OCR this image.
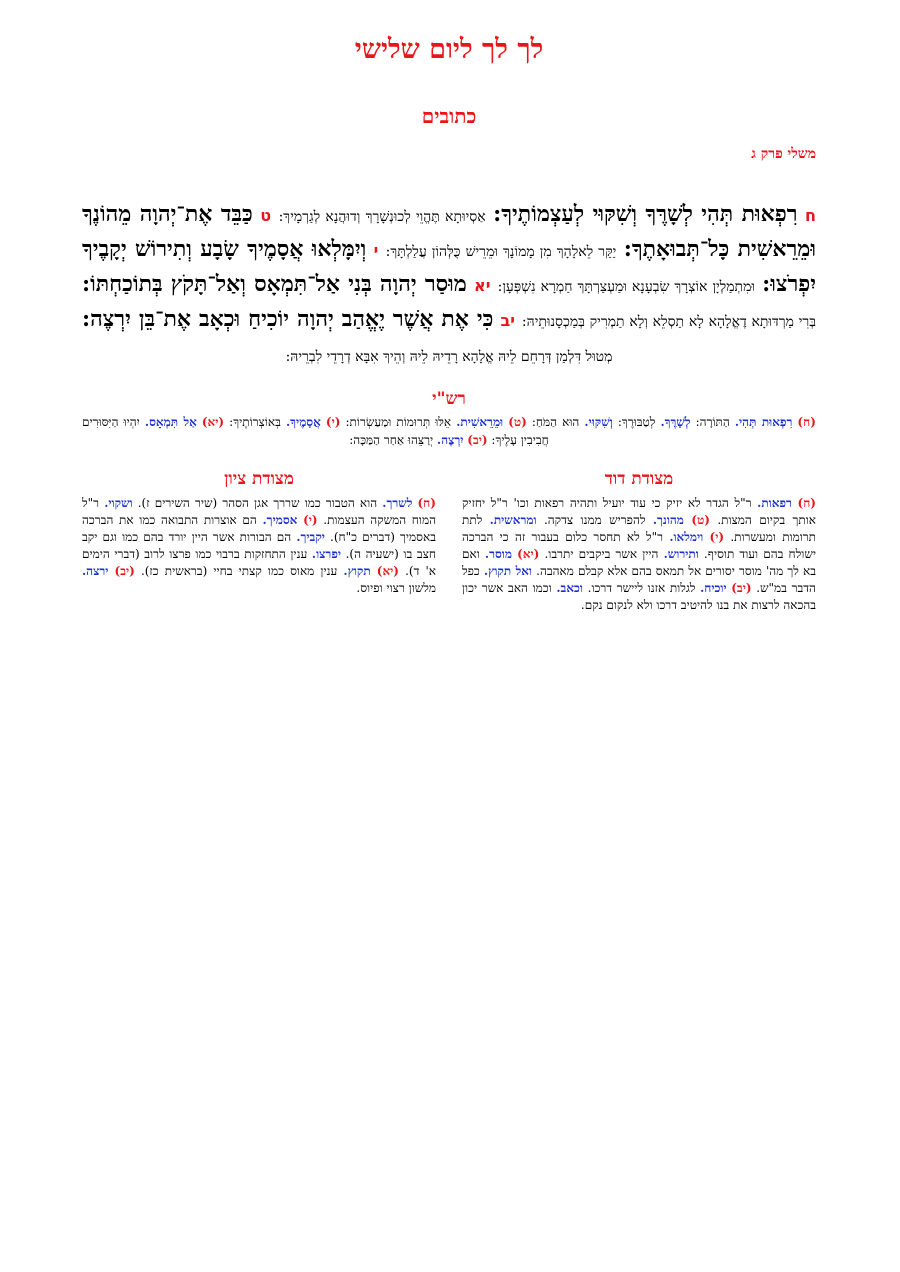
לך לך ליום שלישי
כתובים
משלי פרק ג
ח רִפְאוּת תְּהִי לְשָׁרֶּךָ וְשִׁקּוּי לְעַצְמוֹתֶיךָ: אַסְיוּתָא תֶּהֱוֵי לְכוּנְשָׁרָךְ וְדוּהֲנָא לְגַרְמָיךְ: ט כַּבֵּד אֶת־יְהוָה מֵהוֹנֶךָ וּמֵרֵאשִׁית כָּל־תְּבוּאָתֶךָ: יַקַּר לֵאלָהָךְ מִן מָמוֹנָךְ וּמֵרֵישׁ כֻּלְּהוֹן עֲלַלְתָּךְ: י וְיִמָּלְאוּ אֲסָמֶיךָ שָׂבָע וְתִירוֹשׁ יְקָבֶיךָ יִפְרֹצוּ: וּמִתְמַלְיָן אוֹצְרָךְ שִׂבְעָנָא וּמַעְצַרְתָּךְ חַמְרָא נִשְׁפְּעָן: יא מוּסַר יְהוָה בְּנִי אַל־תִּמְאָס וְאַל־תָּקֹץ בְּתוֹכַחְתּוֹ: בְּרִי מַרְדּוּתָא דֶאֱלָהָא לָא תַסְלֵא וְלָא תַמְרִיק בְּמַכְסָנוּתֵיהּ: יב כִּי אֶת אֲשֶׁר יֶאֱהַב יְהוָה יוֹכִיחַ וּכְאָב אֶת־בֵּן יִרְצֶה: מְטוּל דִּלְמַן דְּרָחֵם לֵיהּ אֱלָהָא רָדֵיהּ לֵיהּ וְהֵיךְ אִבָּא דְרָדֵי לִבְרֵיהּ:
רש"י
(ח) רִפְאוּת תְּהִי. הַתּוֹרָה: לְשָׁרֶּךָ. לְטַבּוּרֶךָ: וְשִׁקּוּי. הוּא הַמֹּחַ: (ט) וּמֵרֵאשִׁית. אֵלּוּ תְּרוּמוֹת וּמַעַשְׂרוֹת: (י) אֲסָמֶיךָ. בְּאוֹצְרוֹתֶיךָ: (יא) אַל תִּמְאָס. יִהְיוּ הַיִּסּוּרִים חֲבִיבִין עָלֶיךָ: (יב) יִרְצֶה. יְרַצֵּהוּ אַחַר הַמַּכָּה:
מצודת דוד
(ח) רפאות. ר"ל הגדר לא יזיק כי עוד יועיל ותהיה רפאות וכו' ר"ל יחזיק אותך בקיום המצות. (ט) מהונך. להפריש ממנו צדקה. ומראשית. לתת תרומות ומעשרות. (י) וימלאו. ר"ל לא תחסר כלום בעבור זה כי הברכה ישולח בהם ועוד תוסיף. ותירוש. היין אשר ביקבים יתרבו. (יא) מוסר. ואם בא לך מה' מוסר יסורים אל תמאס בהם אלא קבלם מאהבה. ואל תקוץ. כפל הדבר במ"ש. (יב) יוכיח. לגלות אזנו ליישר דרכו. וכאב. וכמו האב אשר יכון בהכאה לרצות את בנו להיטיב דרכו ולא לנקום נקם.
מצודת ציון
(ח) לשרך. הוא הטבור כמו שררך אגן הסהר (שיר השירים ז). ושקוי. ר"ל המוח המשקה העצמות. (י) אסמיך. הם אוצרות התבואה כמו את הברכה באסמיך (דברים כ"ח). יקביך. הם הבורות אשר היין יורד בהם כמו וגם יקב חצב בו (ישעיה ה). יפרצו. ענין התחזקות ברבוי כמו פרצו לרוב (דברי הימים א' ד). (יא) תקוץ. ענין מאוס כמו קצתי בחיי (בראשית כז). (יב) ירצה. מלשון רצוי ופיוס.
